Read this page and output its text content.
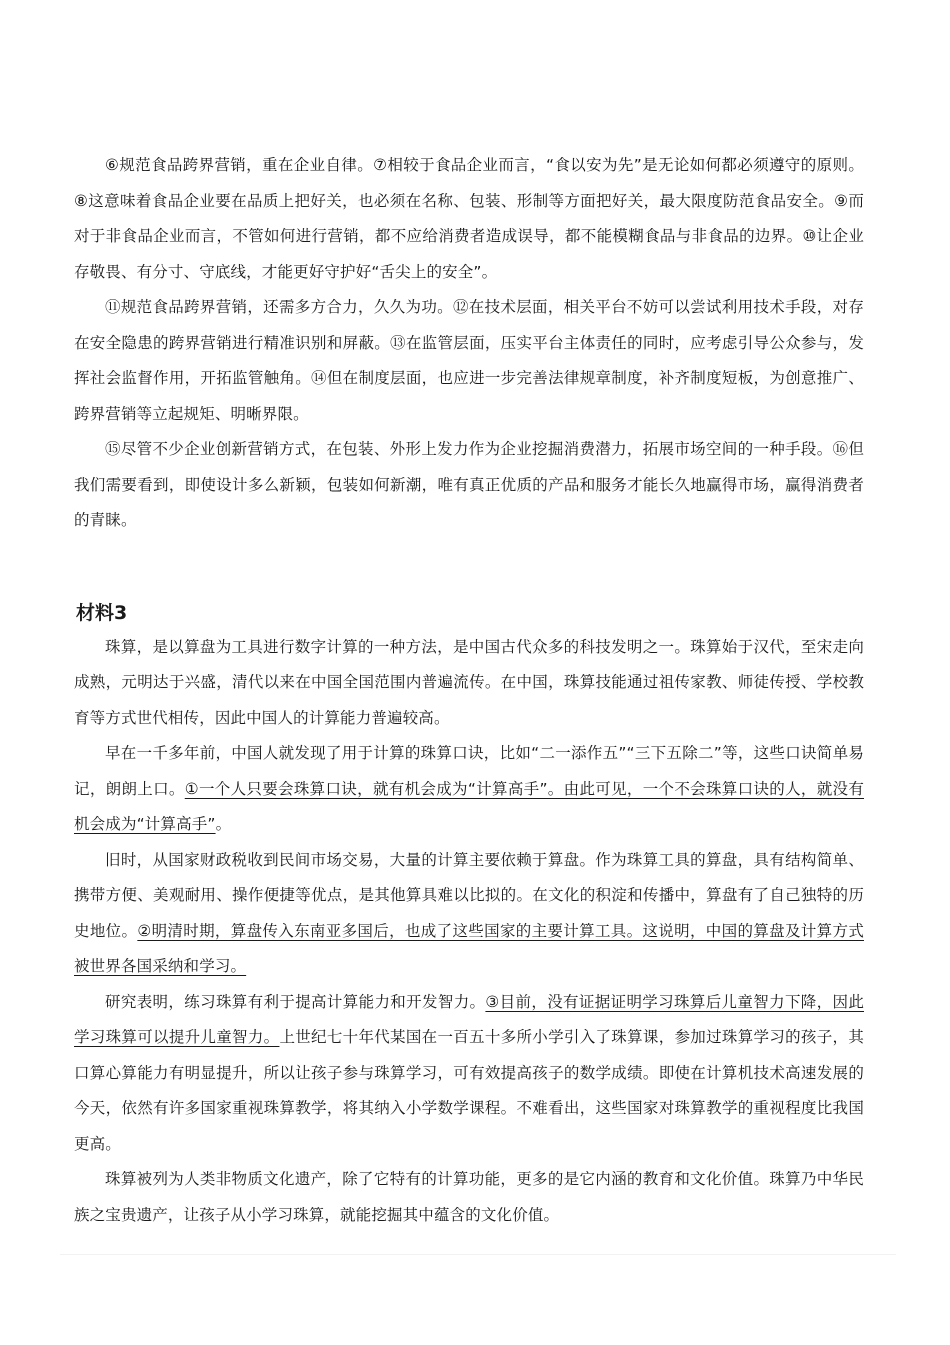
⑥规范食品跨界营销，重在企业自律。⑦相较于食品企业而言，“食以安为先”是无论如何都必须遵守的原则。⑧这意味着食品企业要在品质上把好关，也必须在名称、包装、形制等方面把好关，最大限度防范食品安全。⑨而对于非食品企业而言，不管如何进行营销，都不应给消费者造成误导，都不能模糊食品与非食品的边界。⑩让企业存敬畏、有分寸、守底线，才能更好守护好“舌尖上的安全”。

⑪规范食品跨界营销，还需多方合力，久久为功。⑫在技术层面，相关平台不妨可以尝试利用技术手段，对存在安全隐患的跨界营销进行精准识别和屏蔽。⑬在监管层面，压实平台主体责任的同时，应考虑引导公众参与，发挥社会监督作用，开拓监管触角。⑭但在制度层面，也应进一步完善法律规章制度，补齐制度短板，为创意推广、跨界营销等立起规矩、明晰界限。

⑮尽管不少企业创新营销方式，在包装、外形上发力作为企业挖掘消费潜力，拓展市场空间的一种手段。⑯但我们需要看到，即使设计多么新颖，包装如何新潮，唯有真正优质的产品和服务才能长久地赢得市场，赢得消费者的青睐。

材料3

珠算，是以算盘为工具进行数字计算的一种方法，是中国古代众多的科技发明之一。珠算始于汉代，至宋走向成熟，元明达于兴盛，清代以来在中国全国范围内普遍流传。在中国，珠算技能通过祖传家教、师徒传授、学校教育等方式世代相传，因此中国人的计算能力普遍较高。

早在一千多年前，中国人就发现了用于计算的珠算口诀，比如“二一添作五”“三下五除二”等，这些口诀简单易记，朗朗上口。①一个人只要会珠算口诀，就有机会成为“计算高手”。由此可见，一个不会珠算口诀的人，就没有机会成为“计算高手”。

旧时，从国家财政税收到民间市场交易，大量的计算主要依赖于算盘。作为珠算工具的算盘，具有结构简单、携带方便、美观耐用、操作便捷等优点，是其他算具难以比拟的。在文化的积淀和传播中，算盘有了自己独特的历史地位。②明清时期，算盘传入东南亚多国后，也成了这些国家的主要计算工具。这说明，中国的算盘及计算方式被世界各国采纳和学习。

研究表明，练习珠算有利于提高计算能力和开发智力。③目前，没有证据证明学习珠算后儿童智力下降，因此学习珠算可以提升儿童智力。上世纪七十年代某国在一百五十多所小学引入了珠算课，参加过珠算学习的孩子，其口算心算能力有明显提升，所以让孩子参与珠算学习，可有效提高孩子的数学成绩。即使在计算机技术高速发展的今天，依然有许多国家重视珠算教学，将其纳入小学数学课程。不难看出，这些国家对珠算教学的重视程度比我国更高。

珠算被列为人类非物质文化遗产，除了它特有的计算功能，更多的是它内涵的教育和文化价值。珠算乃中华民族之宝贵遗产，让孩子从小学习珠算，就能挖掘其中蕴含的文化价值。
